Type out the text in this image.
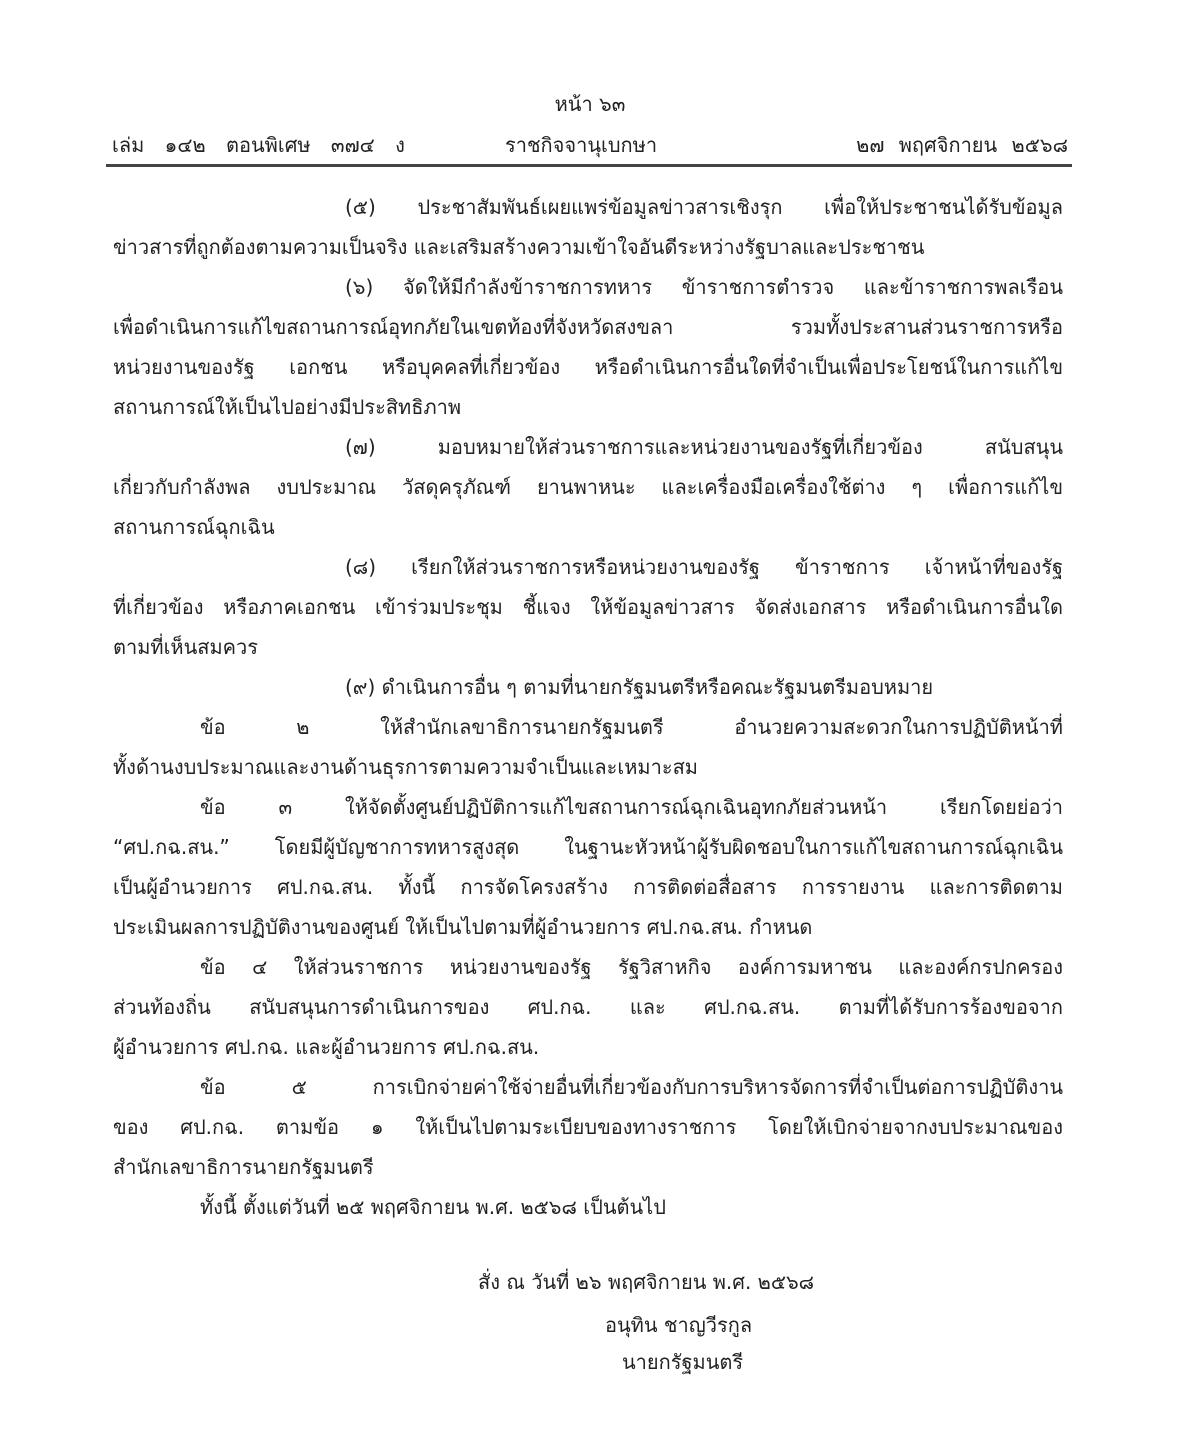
หน้า ๖๓
เล่ม ๑๔๒ ตอนพิเศษ ๓๗๔ ง	ราชกิจจานุเบกษา	๒๗ พฤศจิกายน ๒๕๖๘
(๕) ประชาสัมพันธ์เผยแพร่ข้อมูลข่าวสารเชิงรุก เพื่อให้ประชาชนได้รับข้อมูล
ข่าวสารที่ถูกต้องตามความเป็นจริง และเสริมสร้างความเข้าใจอันดีระหว่างรัฐบาลและประชาชน
(๖) จัดให้มีกำลังข้าราชการทหาร ข้าราชการตำรวจ และข้าราชการพลเรือน
เพื่อดำเนินการแก้ไขสถานการณ์อุทกภัยในเขตท้องที่จังหวัดสงขลา รวมทั้งประสานส่วนราชการหรือ
หน่วยงานของรัฐ เอกชน หรือบุคคลที่เกี่ยวข้อง หรือดำเนินการอื่นใดที่จำเป็นเพื่อประโยชน์ในการแก้ไข
สถานการณ์ให้เป็นไปอย่างมีประสิทธิภาพ
(๗) มอบหมายให้ส่วนราชการและหน่วยงานของรัฐที่เกี่ยวข้อง สนับสนุน
เกี่ยวกับกำลังพล งบประมาณ วัสดุครุภัณฑ์ ยานพาหนะ และเครื่องมือเครื่องใช้ต่าง ๆ เพื่อการแก้ไข
สถานการณ์ฉุกเฉิน
(๘) เรียกให้ส่วนราชการหรือหน่วยงานของรัฐ ข้าราชการ เจ้าหน้าที่ของรัฐ
ที่เกี่ยวข้อง หรือภาคเอกชน เข้าร่วมประชุม ชี้แจง ให้ข้อมูลข่าวสาร จัดส่งเอกสาร หรือดำเนินการอื่นใด
ตามที่เห็นสมควร
(๙) ดำเนินการอื่น ๆ ตามที่นายกรัฐมนตรีหรือคณะรัฐมนตรีมอบหมาย
ข้อ ๒ ให้สำนักเลขาธิการนายกรัฐมนตรี อำนวยความสะดวกในการปฏิบัติหน้าที่
ทั้งด้านงบประมาณและงานด้านธุรการตามความจำเป็นและเหมาะสม
ข้อ ๓ ให้จัดตั้งศูนย์ปฏิบัติการแก้ไขสถานการณ์ฉุกเฉินอุทกภัยส่วนหน้า เรียกโดยย่อว่า
“ศป.กฉ.สน.” โดยมีผู้บัญชาการทหารสูงสุด ในฐานะหัวหน้าผู้รับผิดชอบในการแก้ไขสถานการณ์ฉุกเฉิน
เป็นผู้อำนวยการ ศป.กฉ.สน. ทั้งนี้ การจัดโครงสร้าง การติดต่อสื่อสาร การรายงาน และการติดตาม
ประเมินผลการปฏิบัติงานของศูนย์ ให้เป็นไปตามที่ผู้อำนวยการ ศป.กฉ.สน. กำหนด
ข้อ ๔ ให้ส่วนราชการ หน่วยงานของรัฐ รัฐวิสาหกิจ องค์การมหาชน และองค์กรปกครอง
ส่วนท้องถิ่น สนับสนุนการดำเนินการของ ศป.กฉ. และ ศป.กฉ.สน. ตามที่ได้รับการร้องขอจาก
ผู้อำนวยการ ศป.กฉ. และผู้อำนวยการ ศป.กฉ.สน.
ข้อ ๕ การเบิกจ่ายค่าใช้จ่ายอื่นที่เกี่ยวข้องกับการบริหารจัดการที่จำเป็นต่อการปฏิบัติงาน
ของ ศป.กฉ. ตามข้อ ๑ ให้เป็นไปตามระเบียบของทางราชการ โดยให้เบิกจ่ายจากงบประมาณของ
สำนักเลขาธิการนายกรัฐมนตรี
ทั้งนี้ ตั้งแต่วันที่ ๒๕ พฤศจิกายน พ.ศ. ๒๕๖๘ เป็นต้นไป
สั่ง ณ วันที่ ๒๖ พฤศจิกายน พ.ศ. ๒๕๖๘
อนุทิน ชาญวีรกูล
นายกรัฐมนตรี
